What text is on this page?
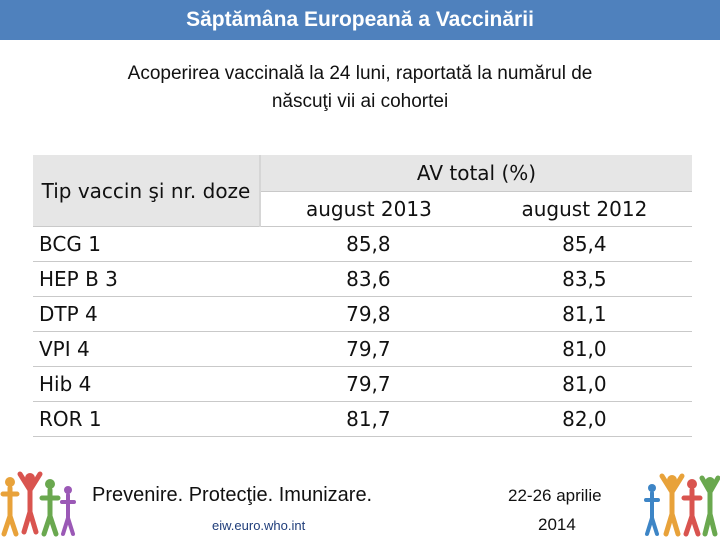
Săptămâna Europeană a Vaccinării
Acoperirea vaccinală la 24 luni, raportată la numărul de
născuţi vii ai cohortei
Tip vaccin şi nr. doze	AV total (%)	
	august 2013	august 2012
BCG 1	85,8	85,4
HEP B 3	83,6	83,5
DTP 4	79,8	81,1
VPI 4	79,7	81,0
Hib 4	79,7	81,0
ROR 1	81,7	82,0
Prevenire. Protecţie. Imunizare.
eiw.euro.who.int
22-26 aprilie
2014
